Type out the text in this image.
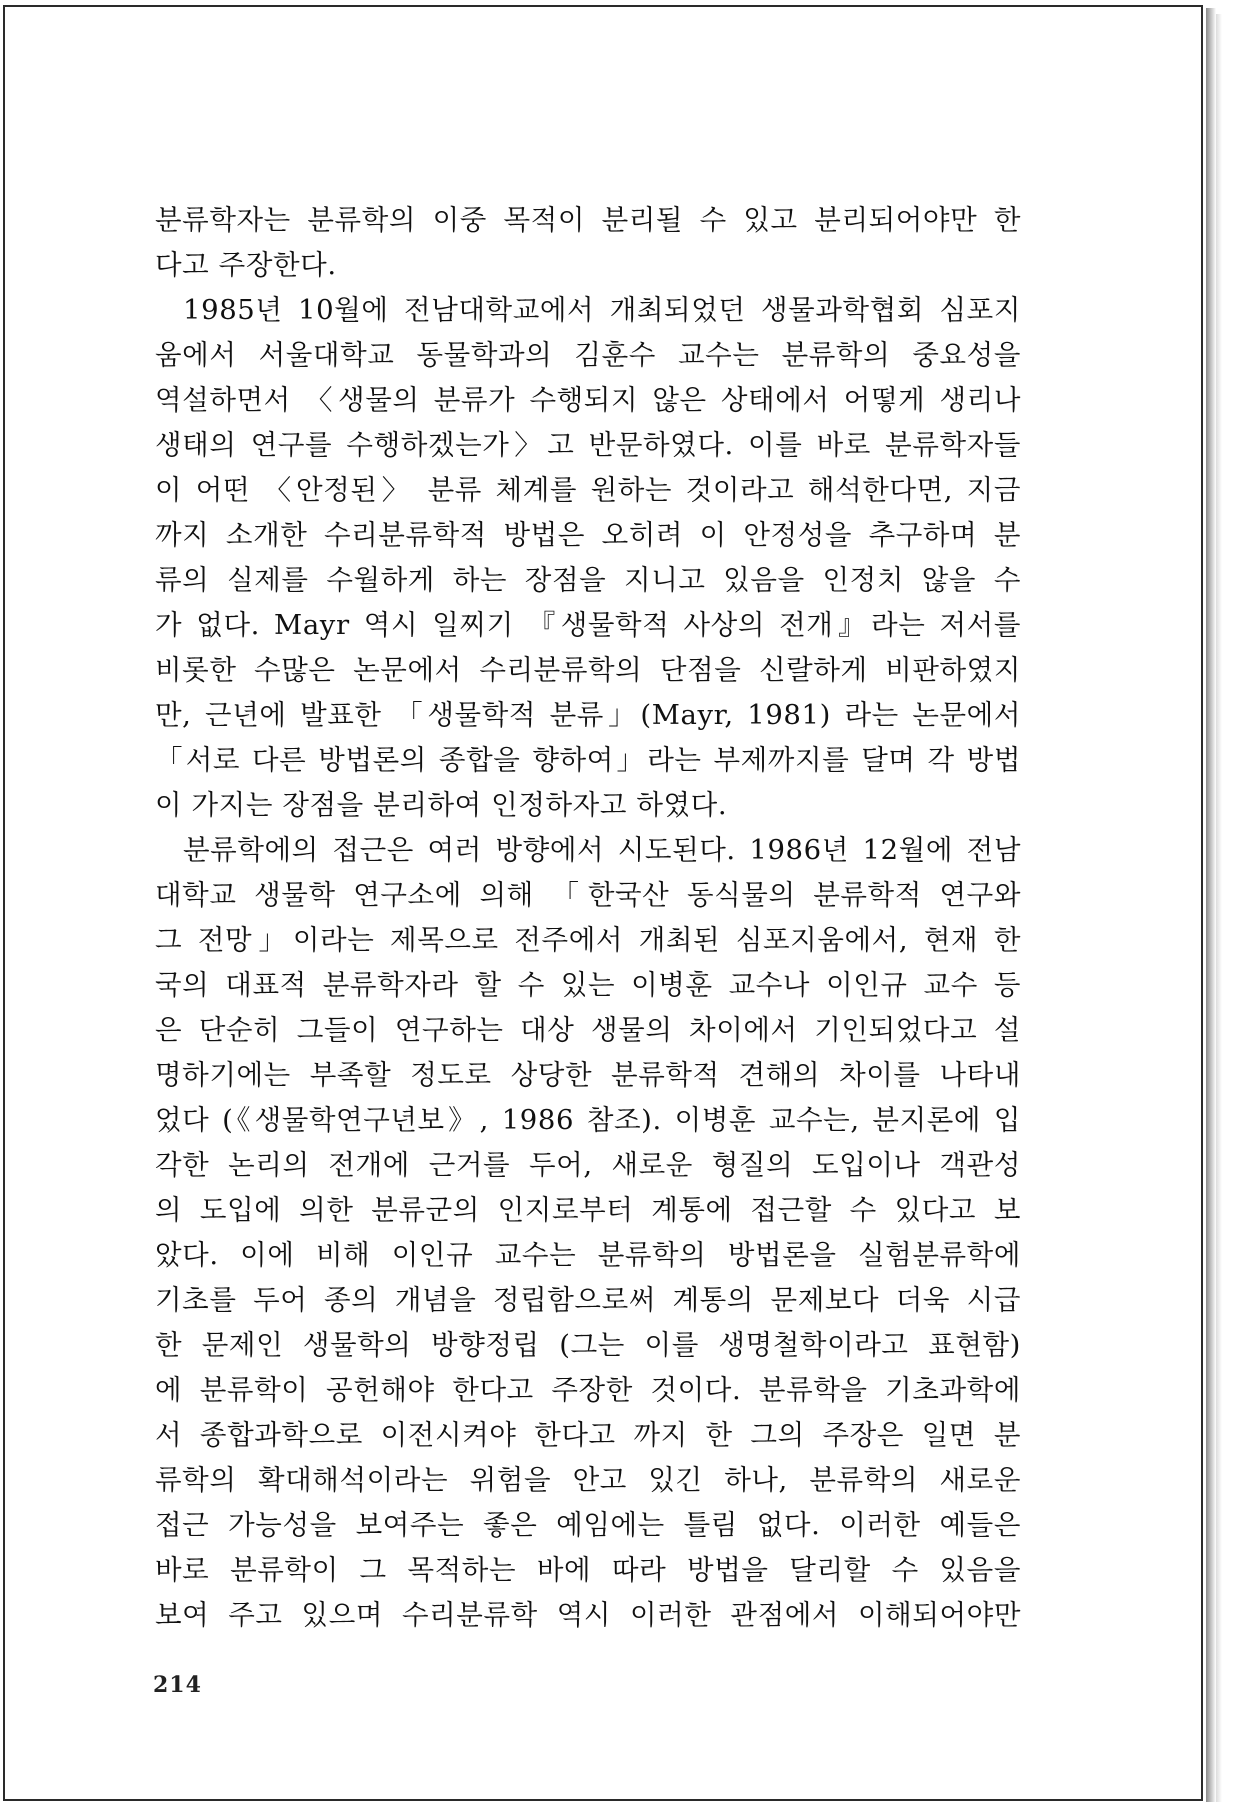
분류학자는 분류학의 이중 목적이 분리될 수 있고 분리되어야만 한
다고 주장한다.
1985년 10월에 전남대학교에서 개최되었던 생물과학협회 심포지
움에서 서울대학교 동물학과의 김훈수 교수는 분류학의 중요성을
역설하면서 〈생물의 분류가 수행되지 않은 상태에서 어떻게 생리나
생태의 연구를 수행하겠는가〉고 반문하였다. 이를 바로 분류학자들
이 어떤 〈안정된〉 분류 체계를 원하는 것이라고 해석한다면, 지금
까지 소개한 수리분류학적 방법은 오히려 이 안정성을 추구하며 분
류의 실제를 수월하게 하는 장점을 지니고 있음을 인정치 않을 수
가 없다. Mayr 역시 일찌기 『생물학적 사상의 전개』라는 저서를
비롯한 수많은 논문에서 수리분류학의 단점을 신랄하게 비판하였지
만, 근년에 발표한 「생물학적 분류」(Mayr, 1981) 라는 논문에서
「서로 다른 방법론의 종합을 향하여」라는 부제까지를 달며 각 방법
이 가지는 장점을 분리하여 인정하자고 하였다.
분류학에의 접근은 여러 방향에서 시도된다. 1986년 12월에 전남
대학교 생물학 연구소에 의해 「한국산 동식물의 분류학적 연구와
그 전망」이라는 제목으로 전주에서 개최된 심포지움에서, 현재 한
국의 대표적 분류학자라 할 수 있는 이병훈 교수나 이인규 교수 등
은 단순히 그들이 연구하는 대상 생물의 차이에서 기인되었다고 설
명하기에는 부족할 정도로 상당한 분류학적 견해의 차이를 나타내
었다 (《생물학연구년보》, 1986 참조). 이병훈 교수는, 분지론에 입
각한 논리의 전개에 근거를 두어, 새로운 형질의 도입이나 객관성
의 도입에 의한 분류군의 인지로부터 계통에 접근할 수 있다고 보
았다. 이에 비해 이인규 교수는 분류학의 방법론을 실험분류학에
기초를 두어 종의 개념을 정립함으로써 계통의 문제보다 더욱 시급
한 문제인 생물학의 방향정립 (그는 이를 생명철학이라고 표현함)
에 분류학이 공헌해야 한다고 주장한 것이다. 분류학을 기초과학에
서 종합과학으로 이전시켜야 한다고 까지 한 그의 주장은 일면 분
류학의 확대해석이라는 위험을 안고 있긴 하나, 분류학의 새로운
접근 가능성을 보여주는 좋은 예임에는 틀림 없다. 이러한 예들은
바로 분류학이 그 목적하는 바에 따라 방법을 달리할 수 있음을
보여 주고 있으며 수리분류학 역시 이러한 관점에서 이해되어야만
214
